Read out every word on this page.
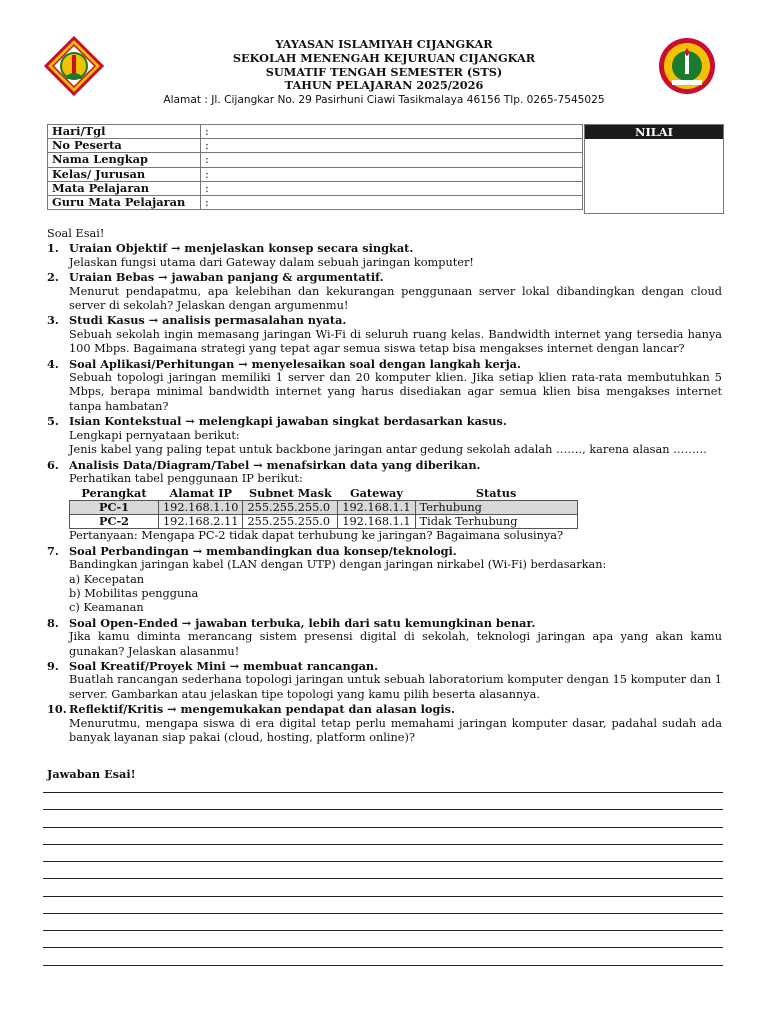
YAYASAN ISLAMIYAH CIJANGKAR
SEKOLAH MENENGAH KEJURUAN CIJANGKAR
SUMATIF TENGAH SEMESTER (STS)
TAHUN PELAJARAN 2025/2026
Alamat : Jl. Cijangkar No. 29 Pasirhuni Ciawi Tasikmalaya 46156 Tlp. 0265-7545025
Hari/Tgl	:	
No Peserta	:	
Nama Lengkap	:	
Kelas/ Jurusan	:	
Mata Pelajaran	:	
Guru Mata Pelajaran	:	
NILAI

Soal Esai!

1. Uraian Objektif → menjelaskan konsep secara singkat.
Jelaskan fungsi utama dari Gateway dalam sebuah jaringan komputer!
2. Uraian Bebas → jawaban panjang & argumentatif.
Menurut pendapatmu, apa kelebihan dan kekurangan penggunaan server lokal dibandingkan dengan cloud server di sekolah? Jelaskan dengan argumenmu!
3. Studi Kasus → analisis permasalahan nyata.
Sebuah sekolah ingin memasang jaringan Wi-Fi di seluruh ruang kelas. Bandwidth internet yang tersedia hanya 100 Mbps. Bagaimana strategi yang tepat agar semua siswa tetap bisa mengakses internet dengan lancar?
4. Soal Aplikasi/Perhitungan → menyelesaikan soal dengan langkah kerja.
Sebuah topologi jaringan memiliki 1 server dan 20 komputer klien. Jika setiap klien rata-rata membutuhkan 5 Mbps, berapa minimal bandwidth internet yang harus disediakan agar semua klien bisa mengakses internet tanpa hambatan?
5. Isian Kontekstual → melengkapi jawaban singkat berdasarkan kasus.
Lengkapi pernyataan berikut:
Jenis kabel yang paling tepat untuk backbone jaringan antar gedung sekolah adalah ……., karena alasan ………
6. Analisis Data/Diagram/Tabel → menafsirkan data yang diberikan.
Perhatikan tabel penggunaan IP berikut:
Perangkat	Alamat IP	Subnet Mask	Gateway	Status
PC-1	192.168.1.10	255.255.255.0	192.168.1.1	Terhubung
PC-2	192.168.2.11	255.255.255.0	192.168.1.1	Tidak Terhubung
Pertanyaan: Mengapa PC-2 tidak dapat terhubung ke jaringan? Bagaimana solusinya?
7. Soal Perbandingan → membandingkan dua konsep/teknologi.
Bandingkan jaringan kabel (LAN dengan UTP) dengan jaringan nirkabel (Wi-Fi) berdasarkan:
a) Kecepatan
b) Mobilitas pengguna
c) Keamanan
8. Soal Open-Ended → jawaban terbuka, lebih dari satu kemungkinan benar.
Jika kamu diminta merancang sistem presensi digital di sekolah, teknologi jaringan apa yang akan kamu gunakan? Jelaskan alasanmu!
9. Soal Kreatif/Proyek Mini → membuat rancangan.
Buatlah rancangan sederhana topologi jaringan untuk sebuah laboratorium komputer dengan 15 komputer dan 1 server. Gambarkan atau jelaskan tipe topologi yang kamu pilih beserta alasannya.
10. Reflektif/Kritis → mengemukakan pendapat dan alasan logis.
Menurutmu, mengapa siswa di era digital tetap perlu memahami jaringan komputer dasar, padahal sudah ada banyak layanan siap pakai (cloud, hosting, platform online)?
Jawaban Esai!
